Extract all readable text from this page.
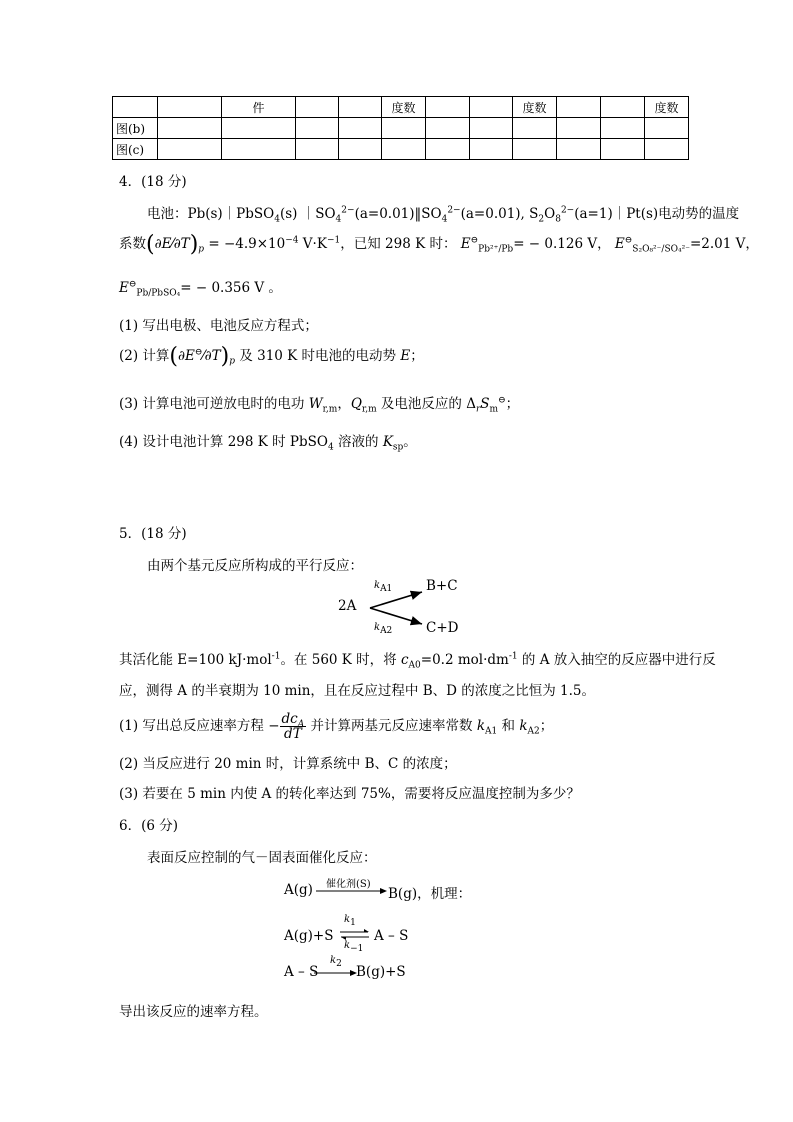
		件			度数			度数			度数
图(b)											
图(c)											
4．(18 分)
电池：Pb(s)｜PbSO$_4$(s) $|SO_4^{2-}(a=0.01)‖SO_4^{2-}(a=0.01)$, $S_2O_8^{2-}(a=1)|Pt(s)$电动势的温度
系数$(\partial E⁄\partial T)_p = -4.9\times 10^{-4}$ $V\cdot K^{-1}$，已知 298 K 时： $E^⊖_{Pb^{2+}/Pb}= - 0.126$ V， $E^⊖_{S_2O_8^{2-}/SO_4^{2-}}=2.01$ V，
$E^⊖_{Pb/PbSO_4}= - 0.356$ V 。
(1) 写出电极、电池反应方程式；
(2) 计算$(\partial E^⊖⁄\partial T)_p$ 及 310 K 时电池的电动势 E；
(3) 计算电池可逆放电时的电功 $W_{r,m}$，$Q_{r,m}$ 及电池反应的 $\Delta_rS_m^⊖$；
(4) 设计电池计算 298 K 时 PbSO$_4$ 溶液的 $K_{sp}$。
5．(18 分)
由两个基元反应所构成的平行反应：
2A
B+C
C+D
$k_{A1}$
$k_{A2}$
其活化能 E=100 kJ·mol$^{-1}$。在 560 K 时，将 $c_{A0}=0.2$ $mol\cdot dm^{-1}$ 的 A 放入抽空的反应器中进行反
应，测得 A 的半衰期为 10 min，且在反应过程中 B、D 的浓度之比恒为 1.5。
(1) 写出总反应速率方程 − $\frac{dc_A}{dT}$ 并计算两基元反应速率常数 $k_{A1}$ 和 $k_{A2}$；
(2) 当反应进行 20 min 时，计算系统中 B、C 的浓度；
(3) 若要在 5 min 内使 A 的转化率达到 75%，需要将反应温度控制为多少？
6．(6 分)
表面反应控制的气－固表面催化反应：
A(g) 催化剂(S)
B(g)，机理：
A(g)+S
$k_1$
$k_{-1}$
A – S
A – S
$k_2$ B(g)+S
导出该反应的速率方程。
